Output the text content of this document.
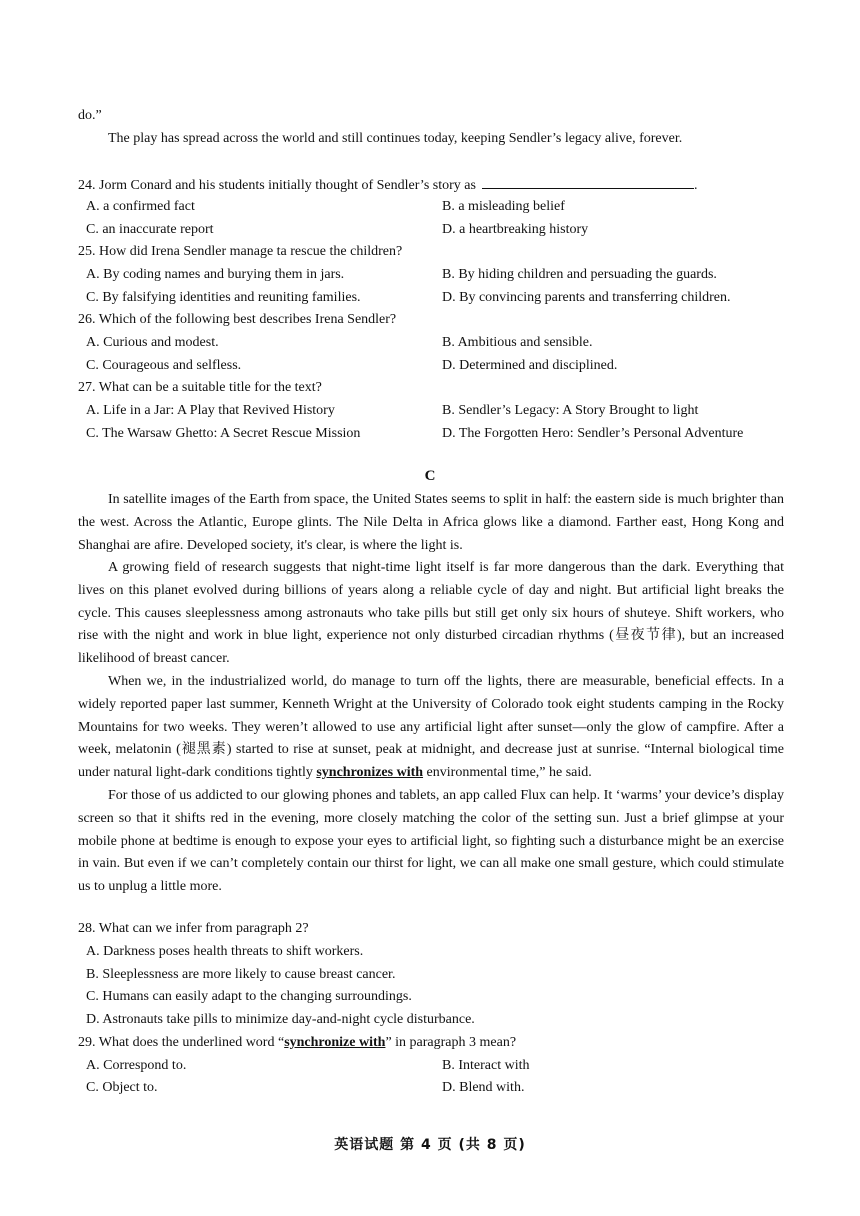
do.”
The play has spread across the world and still continues today, keeping Sendler’s legacy alive, forever.
24. Jorm Conard and his students initially thought of Sendler’s story as	.
A. a confirmed fact	B. a misleading belief
C. an inaccurate report	D. a heartbreaking history
25. How did Irena Sendler manage ta rescue the children?
A. By coding names and burying them in jars.	B. By hiding children and persuading the guards.
C. By falsifying identities and reuniting families.	D. By convincing parents and transferring children.
26. Which of the following best describes Irena Sendler?
A. Curious and modest.	B. Ambitious and sensible.
C. Courageous and selfless.	D. Determined and disciplined.
27. What can be a suitable title for the text?
A. Life in a Jar: A Play that Revived History	B. Sendler’s Legacy: A Story Brought to light
C. The Warsaw Ghetto: A Secret Rescue Mission	D. The Forgotten Hero: Sendler’s Personal Adventure
C
In satellite images of the Earth from space, the United States seems to split in half: the eastern side is much brighter than the west. Across the Atlantic, Europe glints. The Nile Delta in Africa glows like a diamond. Farther east, Hong Kong and Shanghai are afire. Developed society, it's clear, is where the light is.
A growing field of research suggests that night-time light itself is far more dangerous than the dark. Everything that lives on this planet evolved during billions of years along a reliable cycle of day and night. But artificial light breaks the cycle. This causes sleeplessness among astronauts who take pills but still get only six hours of shuteye. Shift workers, who rise with the night and work in blue light, experience not only disturbed circadian rhythms (昼夜节律), but an increased likelihood of breast cancer.
When we, in the industrialized world, do manage to turn off the lights, there are measurable, beneficial effects. In a widely reported paper last summer, Kenneth Wright at the University of Colorado took eight students camping in the Rocky Mountains for two weeks. They weren’t allowed to use any artificial light after sunset—only the glow of campfire. After a week, melatonin (褪黑素) started to rise at sunset, peak at midnight, and decrease just at sunrise. “Internal biological time under natural light-dark conditions tightly synchronizes with environmental time,” he said.
For those of us addicted to our glowing phones and tablets, an app called Flux can help. It ‘warms’ your device’s display screen so that it shifts red in the evening, more closely matching the color of the setting sun. Just a brief glimpse at your mobile phone at bedtime is enough to expose your eyes to artificial light, so fighting such a disturbance might be an exercise in vain. But even if we can’t completely contain our thirst for light, we can all make one small gesture, which could stimulate us to unplug a little more.
28. What can we infer from paragraph 2?
A. Darkness poses health threats to shift workers.
B. Sleeplessness are more likely to cause breast cancer.
C. Humans can easily adapt to the changing surroundings.
D. Astronauts take pills to minimize day-and-night cycle disturbance.
29. What does the underlined word “synchronize with” in paragraph 3 mean?
A. Correspond to.	B. Interact with
C. Object to.	D. Blend with.
英语试题 第 4 页 (共 8 页)
